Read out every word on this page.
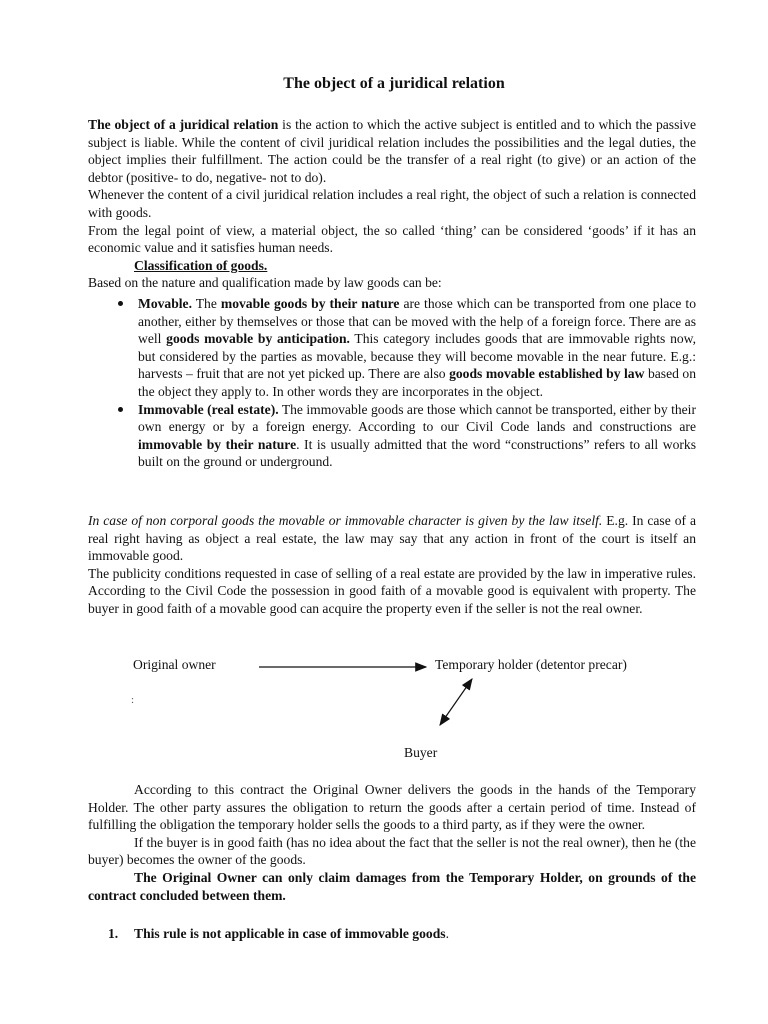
The object of a juridical relation

The object of a juridical relation is the action to which the active subject is entitled and to which the passive subject is liable. While the content of civil juridical relation includes the possibilities and the legal duties, the object implies their fulfillment. The action could be the transfer of a real right (to give) or an action of the debtor (positive- to do, negative- not to do).

Whenever the content of a civil juridical relation includes a real right, the object of such a relation is connected with goods.

From the legal point of view, a material object, the so called ‘thing’ can be considered ‘goods’ if it has an economic value and it satisfies human needs.

Classification of goods.

Based on the nature and qualification made by law goods can be:

Movable. The movable goods by their nature are those which can be transported from one place to another, either by themselves or those that can be moved with the help of a foreign force. There are as well goods movable by anticipation. This category includes goods that are immovable rights now, but considered by the parties as movable, because they will become movable in the near future. E.g.: harvests – fruit that are not yet picked up. There are also goods movable established by law based on the object they apply to. In other words they are incorporates in the object.

Immovable (real estate). The immovable goods are those which cannot be transported, either by their own energy or by a foreign energy. According to our Civil Code lands and constructions are immovable by their nature. It is usually admitted that the word “constructions” refers to all works built on the ground or underground.

In case of non corporal goods the movable or immovable character is given by the law itself. E.g. In case of a real right having as object a real estate, the law may say that any action in front of the court is itself an immovable good.

The publicity conditions requested in case of selling of a real estate are provided by the law in imperative rules. According to the Civil Code the possession in good faith of a movable good is equivalent with property. The buyer in good faith of a movable good can acquire the property even if the seller is not the real owner.

Original owner	Temporary holder (detentor precar)
:
Buyer

According to this contract the Original Owner delivers the goods in the hands of the Temporary Holder. The other party assures the obligation to return the goods after a certain period of time. Instead of fulfilling the obligation the temporary holder sells the goods to a third party, as if they were the owner.

If the buyer is in good faith (has no idea about the fact that the seller is not the real owner), then he (the buyer) becomes the owner of the goods.

The Original Owner can only claim damages from the Temporary Holder, on grounds of the contract concluded between them.

1. This rule is not applicable in case of immovable goods.
